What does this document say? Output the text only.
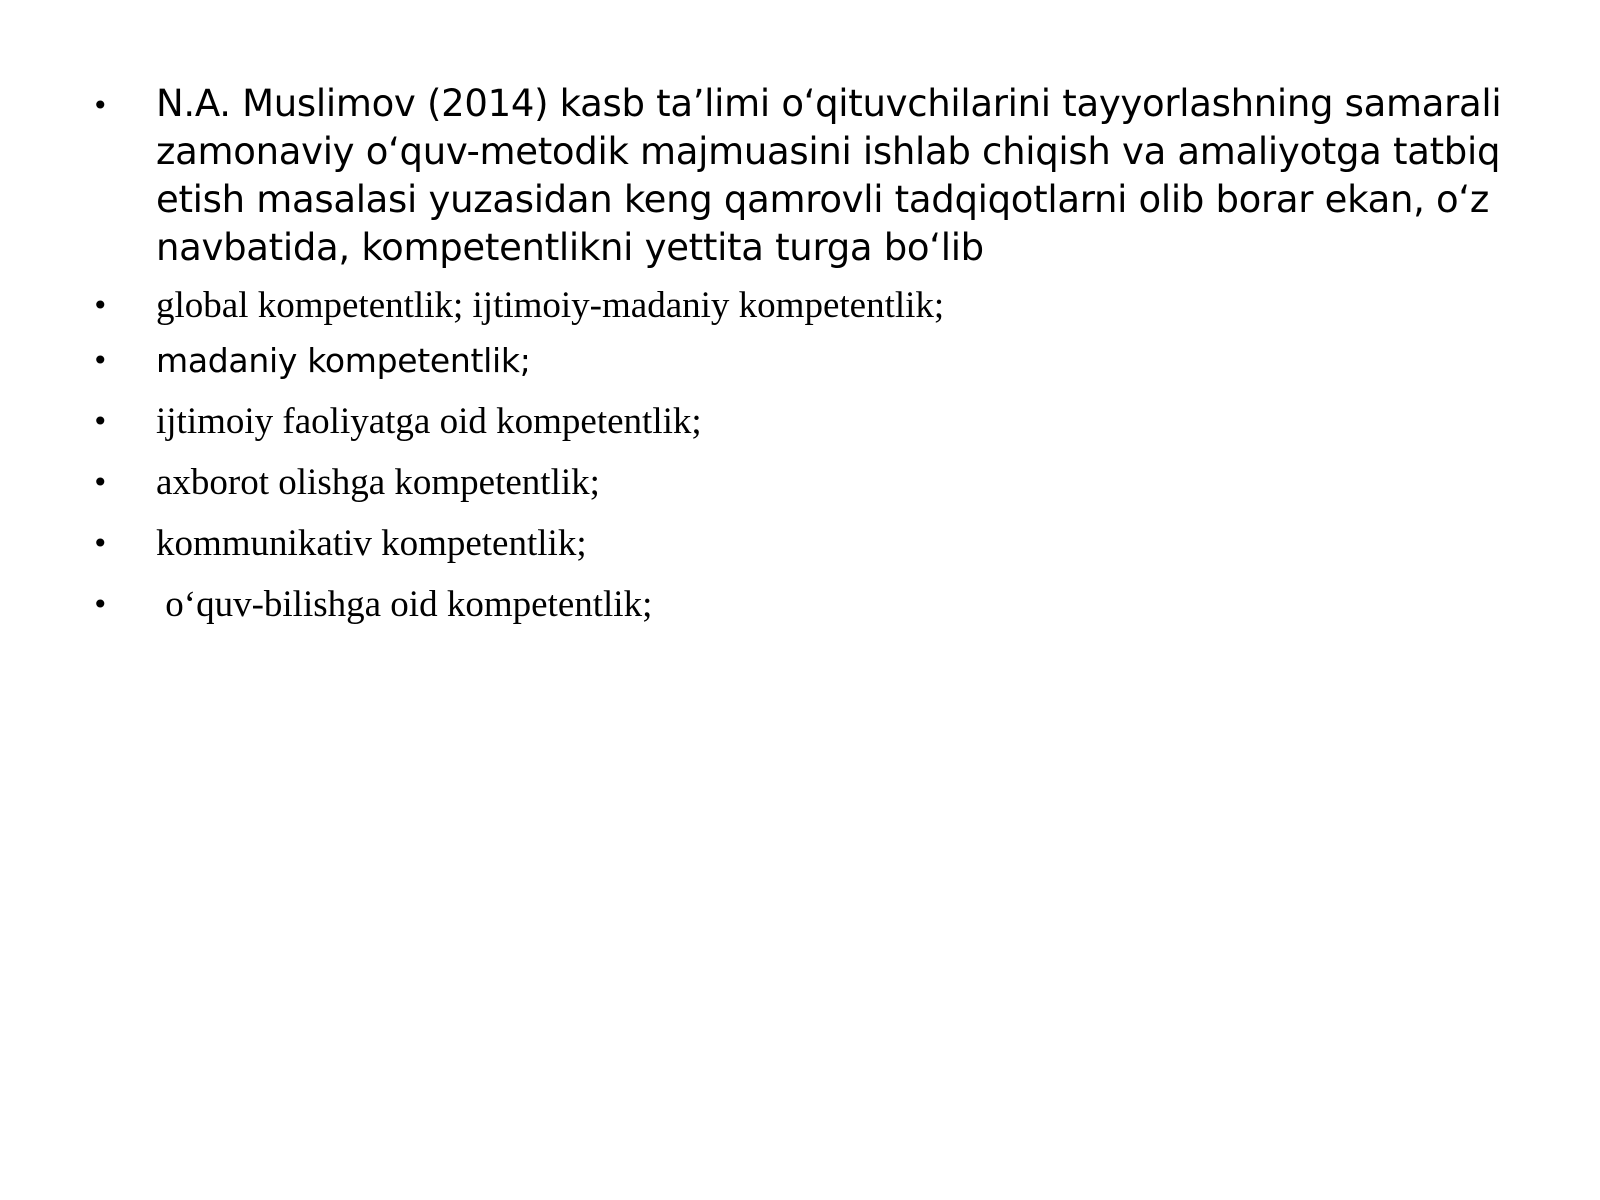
• N.A. Muslimov (2014) kasb ta’limi o‘qituvchilarini tayyorlashning samarali zamonaviy o‘quv-metodik majmuasini ishlab chiqish va amaliyotga tatbiq etish masalasi yuzasidan keng qamrovli tadqiqotlarni olib borar ekan, o‘z navbatida, kompetentlikni yettita turga bo‘lib
• global kompetentlik; ijtimoiy-madaniy kompetentlik;
• madaniy kompetentlik;
• ijtimoiy faoliyatga oid kompetentlik;
• axborot olishga kompetentlik;
• kommunikativ kompetentlik;
• o‘quv-bilishga oid kompetentlik;
